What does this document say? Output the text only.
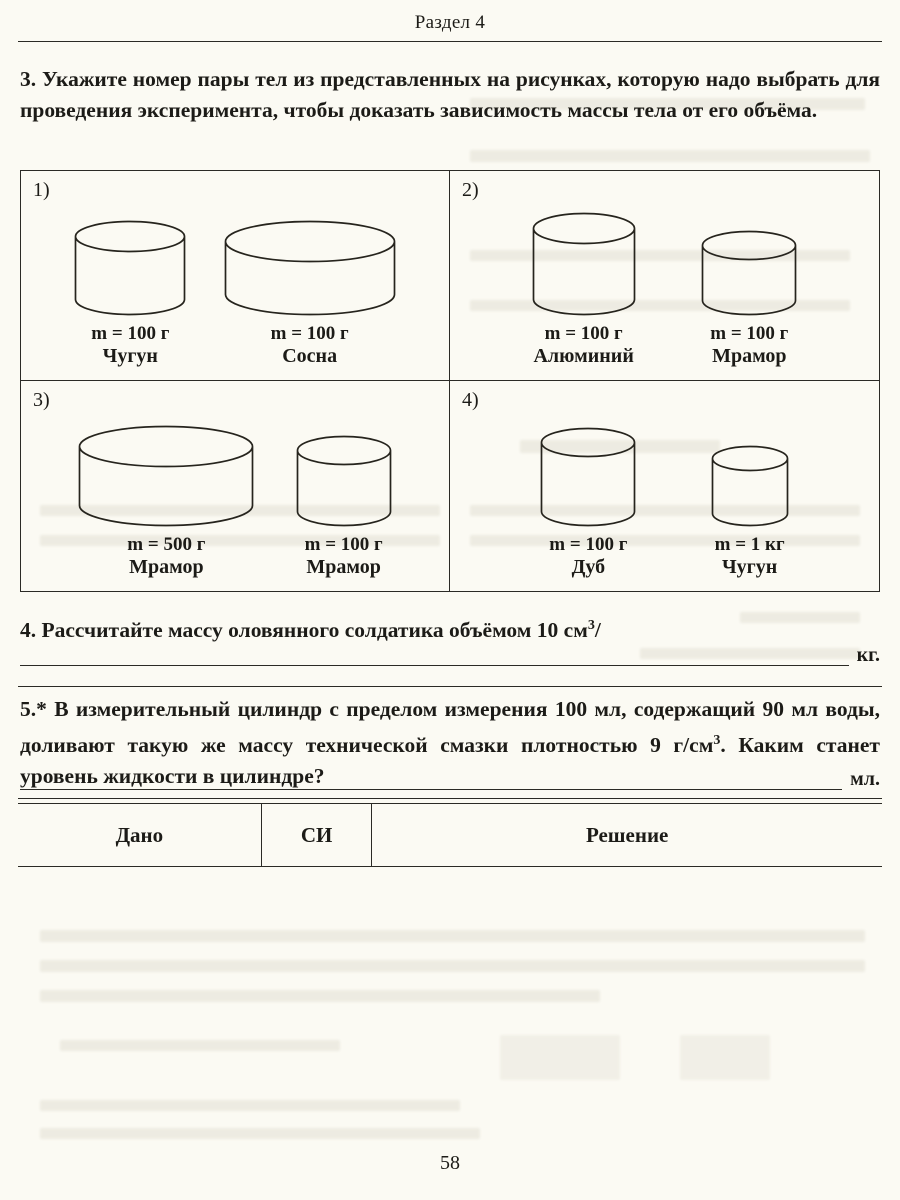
Раздел 4
3. Укажите номер пары тел из представленных на рисунках, которую надо выбрать для проведения эксперимента, чтобы доказать зависимость массы тела от его объёма.
1)
m = 100 г
Чугун
m = 100 г
Сосна
2)
m = 100 г
Алюминий
m = 100 г
Мрамор
3)
m = 500 г
Мрамор
m = 100 г
Мрамор
4)
m = 100 г
Дуб
m = 1 кг
Чугун
4. Рассчитайте массу оловянного солдатика объёмом 10 $см^3/$
кг.
5.* В измерительный цилиндр с пределом измерения 100 мл, содержащий 90 мл воды, доливают такую же массу технической смазки плотностью 9 $г/см^3$. Каким станет уровень жидкости в цилиндре?	мл.
Дано	СИ	Решение
58
